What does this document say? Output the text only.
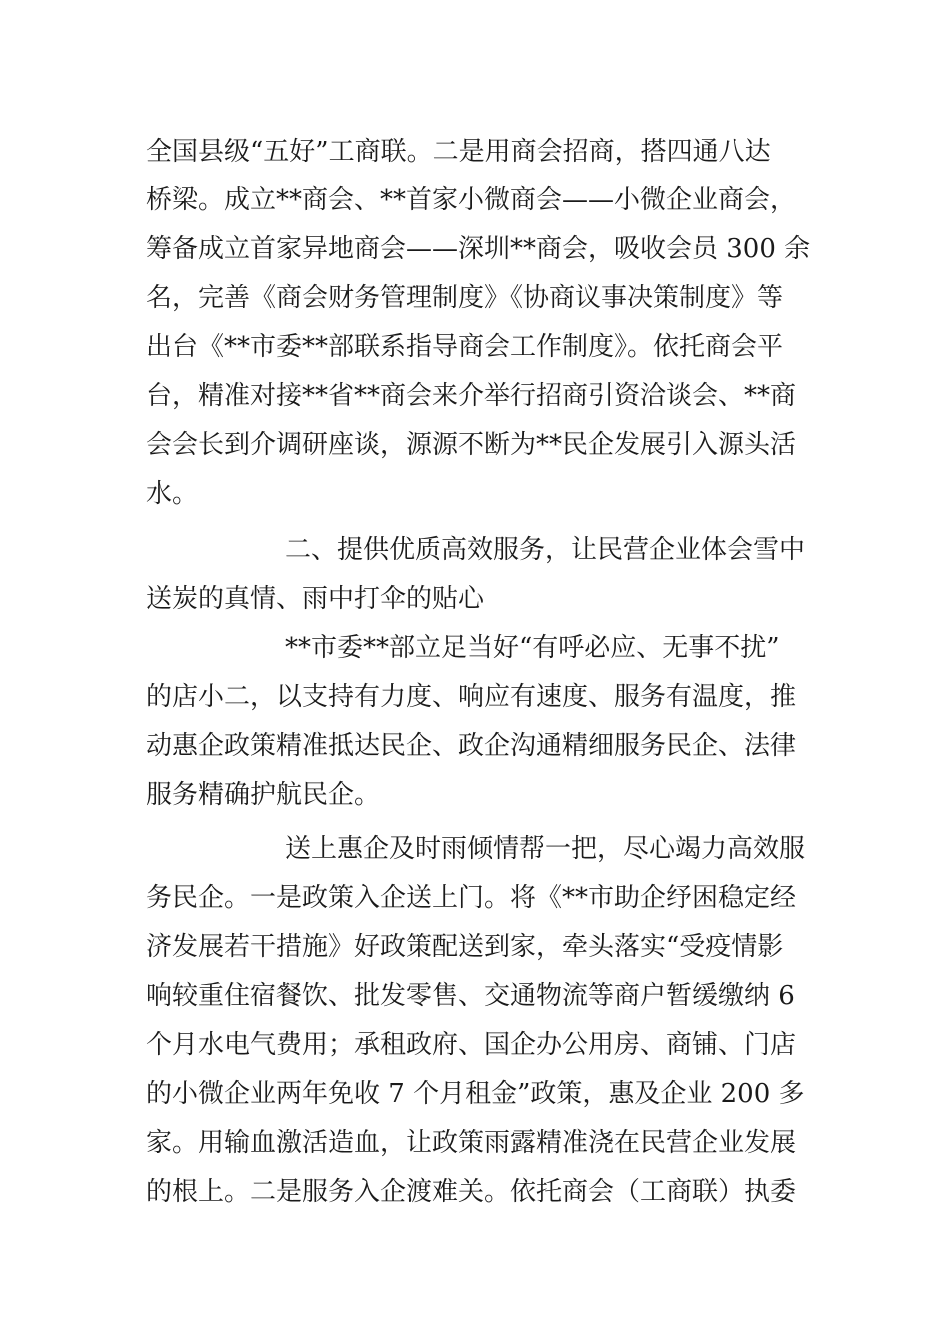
全国县级“五好”工商联。二是用商会招商，搭四通八达

桥梁。成立**商会、**首家小微商会——小微企业商会，

筹备成立首家异地商会——深圳**商会，吸收会员 300 余

名，完善《商会财务管理制度》《协商议事决策制度》等

出台《**市委**部联系指导商会工作制度》。依托商会平

台，精准对接**省**商会来介举行招商引资洽谈会、**商

会会长到介调研座谈，源源不断为**民企发展引入源头活

水。

二、提供优质高效服务，让民营企业体会雪中

送炭的真情、雨中打伞的贴心

**市委**部立足当好“有呼必应、无事不扰”

的店小二，以支持有力度、响应有速度、服务有温度，推

动惠企政策精准抵达民企、政企沟通精细服务民企、法律

服务精确护航民企。

送上惠企及时雨倾情帮一把，尽心竭力高效服

务民企。一是政策入企送上门。将《**市助企纾困稳定经

济发展若干措施》好政策配送到家，牵头落实“受疫情影

响较重住宿餐饮、批发零售、交通物流等商户暂缓缴纳 6

个月水电气费用；承租政府、国企办公用房、商铺、门店

的小微企业两年免收 7 个月租金”政策，惠及企业 200 多

家。用输血激活造血，让政策雨露精准浇在民营企业发展

的根上。二是服务入企渡难关。依托商会（工商联）执委
